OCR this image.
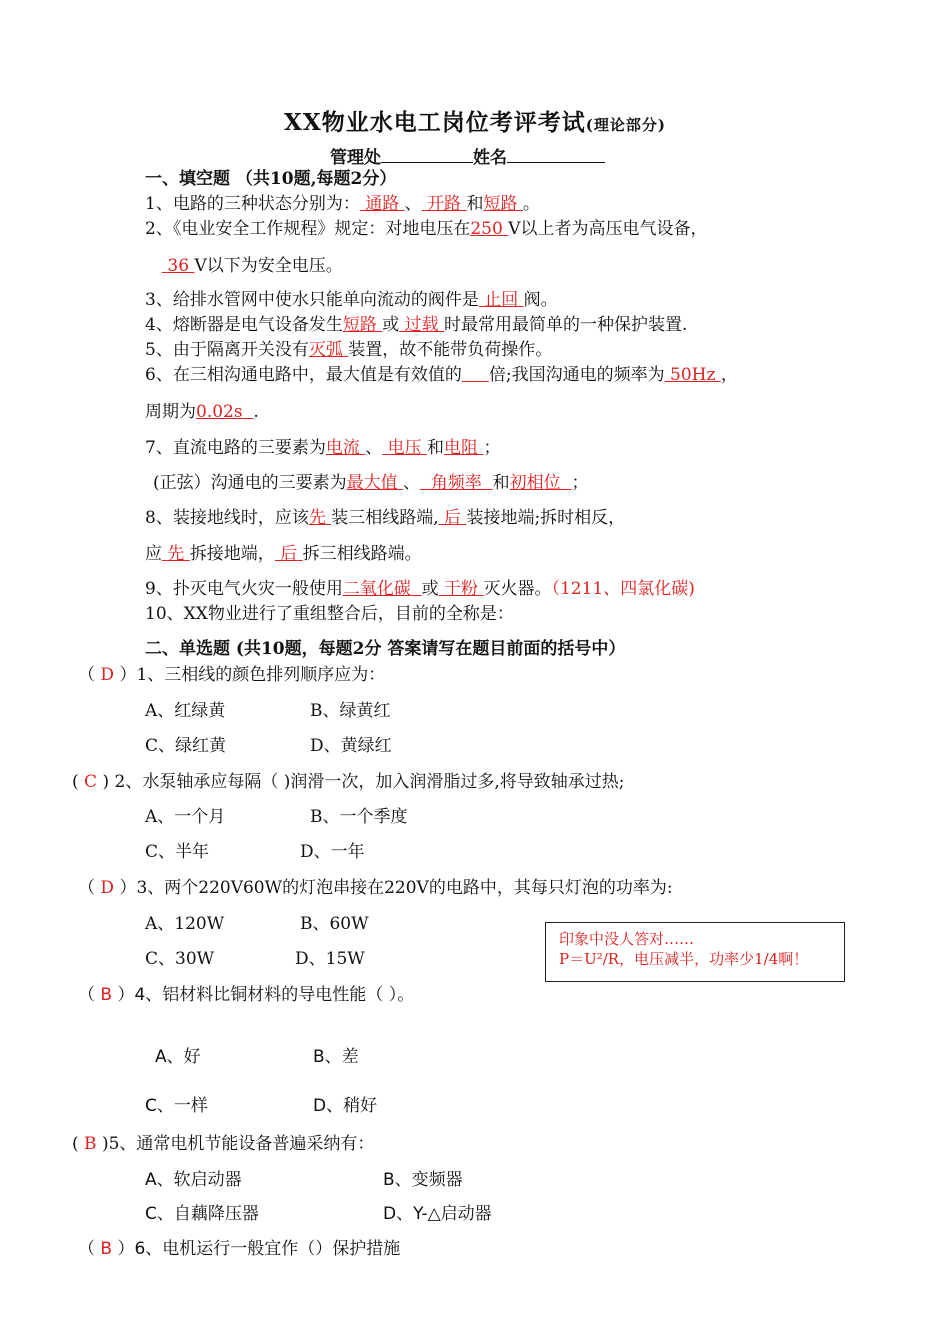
XX物业水电工岗位考评考试(理论部分)
管理处	姓名
一、填空题 （共10题,每题2分）
1、电路的三种状态分别为： 通路 、 开路 和短路 。
2、《电业安全工作规程》规定：对地电压在250 V以上者为高压电气设备，
36 V以下为安全电压。
3、给排水管网中使水只能单向流动的阀件是 止回 阀。
4、熔断器是电气设备发生短路 或 过载 时最常用最简单的一种保护装置.
5、由于隔离开关没有灭弧 装置，故不能带负荷操作。
6、在三相沟通电路中，最大值是有效值的 倍;我国沟通电的频率为 50Hz ，
周期为0.02s .
7、直流电路的三要素为电流 、 电压 和电阻 ；
(正弦）沟通电的三要素为最大值 、 角频率 和初相位 ；
8、装接地线时，应该先 装三相线路端, 后 装接地端;拆时相反，
应 先 拆接地端， 后 拆三相线路端。
9、扑灭电气火灾一般使用二氧化碳 或 干粉 灭火器。（1211、四氯化碳)
10、XX物业进行了重组整合后，目前的全称是：
二、单选题 (共10题，每题2分 答案请写在题目前面的括号中）
（ D ）1、三相线的颜色排列顺序应为：
A、红绿黄	B、绿黄红
C、绿红黄	D、黄绿红
( C ) 2、水泵轴承应每隔（ )润滑一次，加入润滑脂过多,将导致轴承过热;
A、一个月	B、一个季度
C、半年	D、一年
（ D ）3、两个220V60W的灯泡串接在220V的电路中，其每只灯泡的功率为:
A、120W	B、60W
C、30W	D、15W
印象中没人答对……
P＝U²/R，电压减半，功率少1/4啊！
（ B ）4、铝材料比铜材料的导电性能（ ）。
A、好	B、差
C、一样	D、稍好
( B )5、通常电机节能设备普遍采纳有：
A、软启动器	B、变频器
C、自藕降压器	D、Y-△启动器
（ B ）6、电机运行一般宜作（）保护措施
